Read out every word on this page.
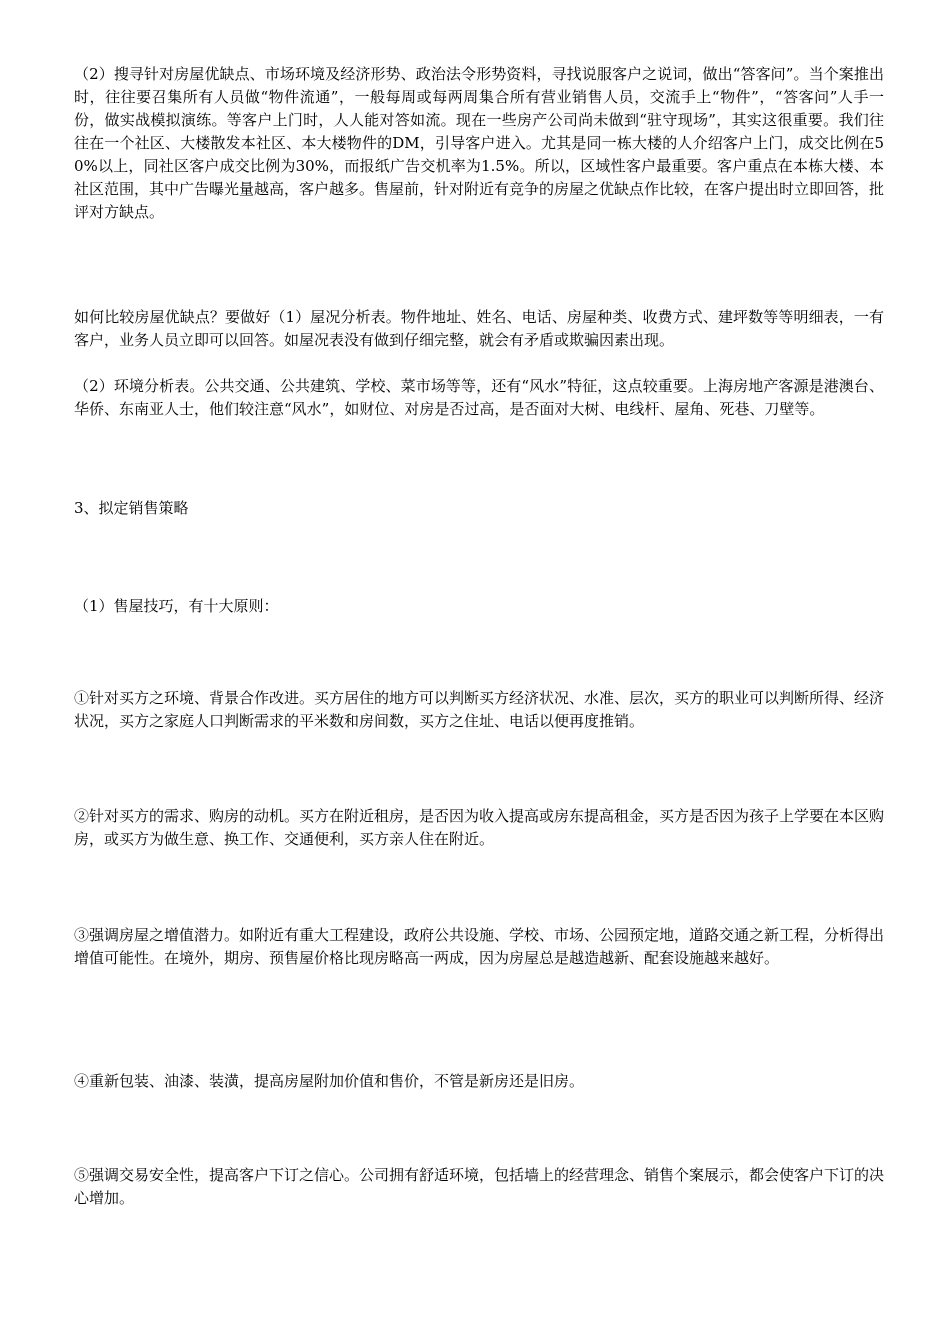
（2）搜寻针对房屋优缺点、市场环境及经济形势、政治法令形势资料，寻找说服客户之说词，做出“答客问”。当个案推出时，往往要召集所有人员做“物件流通”，一般每周或每两周集合所有营业销售人员，交流手上“物件”，“答客问”人手一份，做实战模拟演练。等客户上门时，人人能对答如流。现在一些房产公司尚未做到“驻守现场”，其实这很重要。我们往往在一个社区、大楼散发本社区、本大楼物件的DM，引导客户进入。尤其是同一栋大楼的人介绍客户上门，成交比例在50%以上，同社区客户成交比例为30%，而报纸广告交机率为1.5%。所以，区域性客户最重要。客户重点在本栋大楼、本社区范围，其中广告曝光量越高，客户越多。售屋前，针对附近有竞争的房屋之优缺点作比较，在客户提出时立即回答，批评对方缺点。

如何比较房屋优缺点？要做好（1）屋况分析表。物件地址、姓名、电话、房屋种类、收费方式、建坪数等等明细表，一有客户，业务人员立即可以回答。如屋况表没有做到仔细完整，就会有矛盾或欺骗因素出现。

（2）环境分析表。公共交通、公共建筑、学校、菜市场等等，还有“风水”特征，这点较重要。上海房地产客源是港澳台、华侨、东南亚人士，他们较注意“风水”，如财位、对房是否过高，是否面对大树、电线杆、屋角、死巷、刀壁等。

3、拟定销售策略

（1）售屋技巧，有十大原则：

①针对买方之环境、背景合作改进。买方居住的地方可以判断买方经济状况、水准、层次，买方的职业可以判断所得、经济状况，买方之家庭人口判断需求的平米数和房间数，买方之住址、电话以便再度推销。

②针对买方的需求、购房的动机。买方在附近租房，是否因为收入提高或房东提高租金，买方是否因为孩子上学要在本区购房，或买方为做生意、换工作、交通便利，买方亲人住在附近。

③强调房屋之增值潜力。如附近有重大工程建设，政府公共设施、学校、市场、公园预定地，道路交通之新工程，分析得出增值可能性。在境外，期房、预售屋价格比现房略高一两成，因为房屋总是越造越新、配套设施越来越好。

④重新包装、油漆、装潢，提高房屋附加价值和售价，不管是新房还是旧房。

⑤强调交易安全性，提高客户下订之信心。公司拥有舒适环境，包括墙上的经营理念、销售个案展示，都会使客户下订的决心增加。
